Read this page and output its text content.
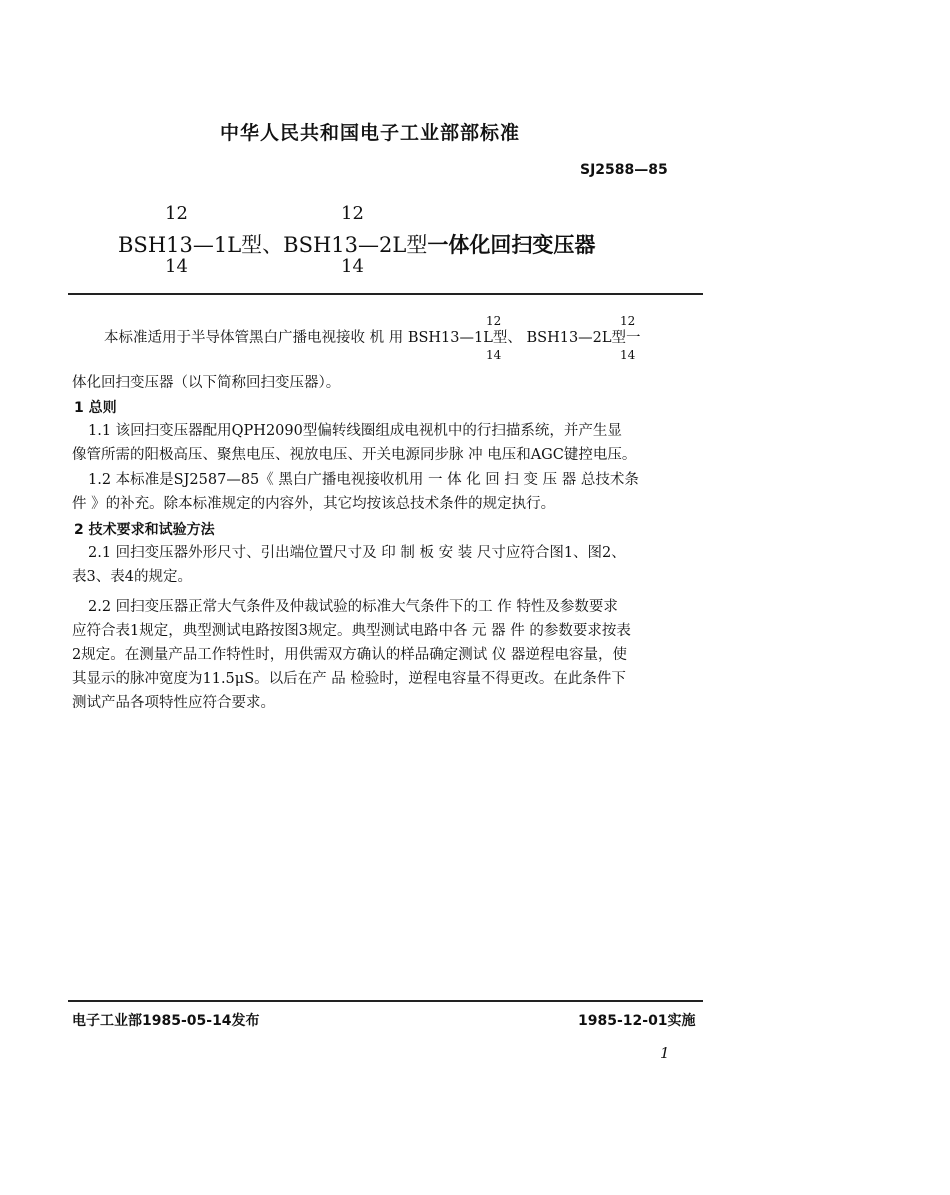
中华人民共和国电子工业部部标准
SJ2588—85
12
14
12
14
BSH13—1L型、BSH13—2L型一体化回扫变压器
12
14
12
14
本标准适用于半导体管黑白广播电视接收 机 用 BSH13—1L型、 BSH13—2L型一
体化回扫变压器（以下简称回扫变压器）。
1 总则
1.1 该回扫变压器配用QPH2090型偏转线圈组成电视机中的行扫描系统，并产生显
像管所需的阳极高压、聚焦电压、视放电压、开关电源同步脉 冲 电压和AGC键控电压。
1.2 本标准是SJ2587—85《 黑白广播电视接收机用 一 体 化 回 扫 变 压 器 总技术条
件 》的补充。除本标准规定的内容外，其它均按该总技术条件的规定执行。
2 技术要求和试验方法
2.1 回扫变压器外形尺寸、引出端位置尺寸及 印 制 板 安 装 尺寸应符合图1、图2、
表3、表4的规定。
2.2 回扫变压器正常大气条件及仲裁试验的标准大气条件下的工 作 特性及参数要求
应符合表1规定，典型测试电路按图3规定。典型测试电路中各 元 器 件 的参数要求按表
2规定。在测量产品工作特性时，用供需双方确认的样品确定测试 仪 器逆程电容量，使
其显示的脉冲宽度为11.5μS。以后在产 品 检验时，逆程电容量不得更改。在此条件下
测试产品各项特性应符合要求。
电子工业部1985-05-14发布	1985-12-01实施
1
